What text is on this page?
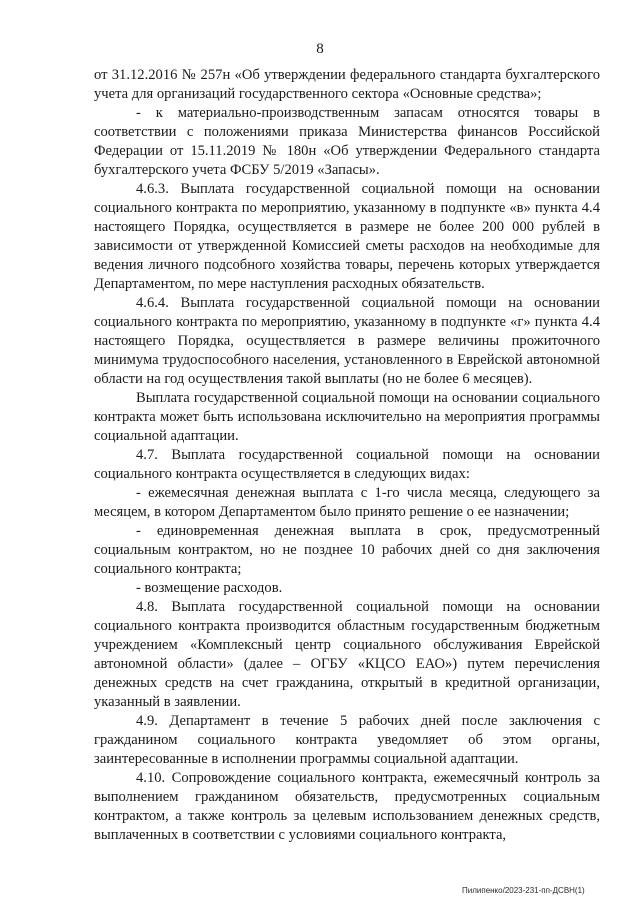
8

от 31.12.2016 № 257н «Об утверждении федерального стандарта бухгалтерского учета для организаций государственного сектора «Основные средства»;

- к материально-производственным запасам относятся товары в соответствии с положениями приказа Министерства финансов Российской Федерации от 15.11.2019 № 180н «Об утверждении Федерального стандарта бухгалтерского учета ФСБУ 5/2019 «Запасы».

4.6.3. Выплата государственной социальной помощи на основании социального контракта по мероприятию, указанному в подпункте «в» пункта 4.4 настоящего Порядка, осуществляется в размере не более 200 000 рублей в зависимости от утвержденной Комиссией сметы расходов на необходимые для ведения личного подсобного хозяйства товары, перечень которых утверждается Департаментом, по мере наступления расходных обязательств.

4.6.4. Выплата государственной социальной помощи на основании социального контракта по мероприятию, указанному в подпункте «г» пункта 4.4 настоящего Порядка, осуществляется в размере величины прожиточного минимума трудоспособного населения, установленного в Еврейской автономной области на год осуществления такой выплаты (но не более 6 месяцев).

Выплата государственной социальной помощи на основании социального контракта может быть использована исключительно на мероприятия программы социальной адаптации.

4.7. Выплата государственной социальной помощи на основании социального контракта осуществляется в следующих видах:

- ежемесячная денежная выплата с 1-го числа месяца, следующего за месяцем, в котором Департаментом было принято решение о ее назначении;

- единовременная денежная выплата в срок, предусмотренный социальным контрактом, но не позднее 10 рабочих дней со дня заключения социального контракта;

- возмещение расходов.

4.8. Выплата государственной социальной помощи на основании социального контракта производится областным государственным бюджетным учреждением «Комплексный центр социального обслуживания Еврейской автономной области» (далее – ОГБУ «КЦСО ЕАО») путем перечисления денежных средств на счет гражданина, открытый в кредитной организации, указанный в заявлении.

4.9. Департамент в течение 5 рабочих дней после заключения с гражданином социального контракта уведомляет об этом органы, заинтересованные в исполнении программы социальной адаптации.

4.10. Сопровождение социального контракта, ежемесячный контроль за выполнением гражданином обязательств, предусмотренных социальным контрактом, а также контроль за целевым использованием денежных средств, выплаченных в соответствии с условиями социального контракта,

Пилипенко/2023-231-пп-ДСВН(1)
